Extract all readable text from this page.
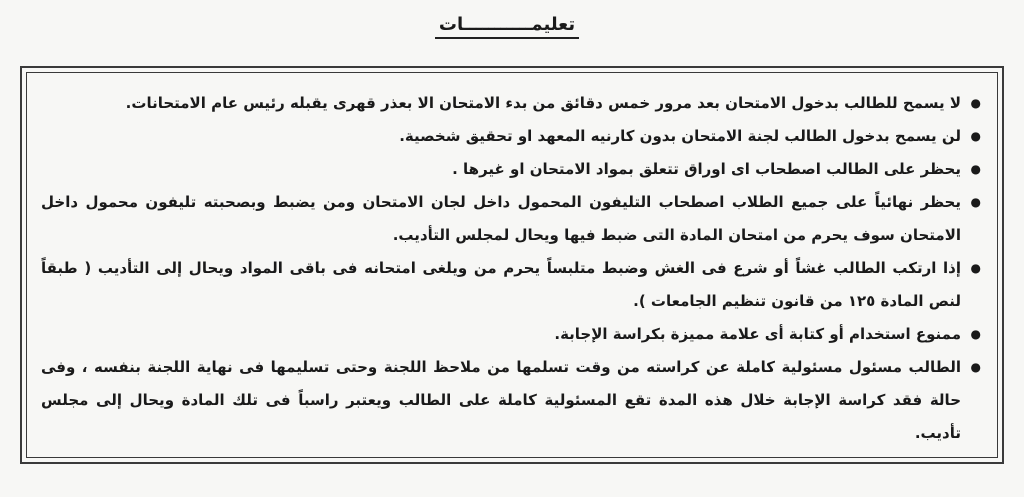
تعليمـــــــــــات
●
لا يسمح للطالب بدخول الامتحان بعد مرور خمس دقائق من بدء الامتحان الا بعذر قهرى يقبله رئيس عام الامتحانات.
●
لن يسمح بدخول الطالب لجنة الامتحان بدون كارنيه المعهد او تحقيق شخصية.
●
يحظر على الطالب اصطحاب اى اوراق تتعلق بمواد الامتحان او غيرها .
●
يحظر نهائياً على جميع الطلاب اصطحاب التليفون المحمول داخل لجان الامتحان ومن يضبط وبصحبته تليفون محمول داخل الامتحان سوف يحرم من امتحان المادة التى ضبط فيها ويحال لمجلس التأديب.
●
إذا ارتكب الطالب غشاً أو شرع فى الغش وضبط متلبساً يحرم من ويلغى امتحانه فى باقى المواد ويحال إلى التأديب ( طبقاً لنص المادة ١٢٥ من قانون تنظيم الجامعات ).
●
ممنوع استخدام أو كتابة أى علامة مميزة بكراسة الإجابة.
●
الطالب مسئول مسئولية كاملة عن كراسته من وقت تسلمها من ملاحظ اللجنة وحتى تسليمها فى نهاية اللجنة بنفسه ، وفى حالة فقد كراسة الإجابة خلال هذه المدة تقع المسئولية كاملة على الطالب ويعتبر راسباً فى تلك المادة ويحال إلى مجلس تأديب.
